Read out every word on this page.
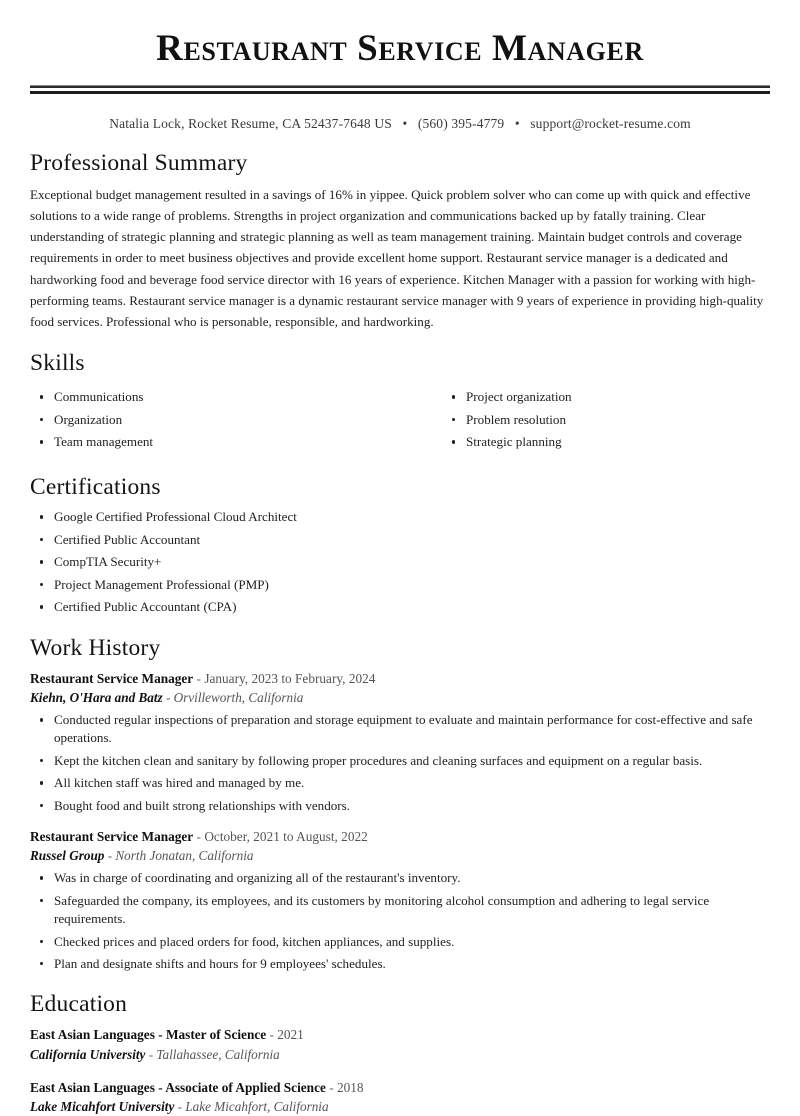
Restaurant Service Manager
Natalia Lock, Rocket Resume, CA 52437-7648 US • (560) 395-4779 • support@rocket-resume.com
Professional Summary

Exceptional budget management resulted in a savings of 16% in yippee. Quick problem solver who can come up with quick and effective solutions to a wide range of problems. Strengths in project organization and communications backed up by fatally training. Clear understanding of strategic planning and strategic planning as well as team management training. Maintain budget controls and coverage requirements in order to meet business objectives and provide excellent home support. Restaurant service manager is a dedicated and hardworking food and beverage food service director with 16 years of experience. Kitchen Manager with a passion for working with high-performing teams. Restaurant service manager is a dynamic restaurant service manager with 9 years of experience in providing high-quality food services. Professional who is personable, responsible, and hardworking.

Skills
Communications
Organization
Team management
Project organization
Problem resolution
Strategic planning
Certifications
Google Certified Professional Cloud Architect
Certified Public Accountant
CompTIA Security+
Project Management Professional (PMP)
Certified Public Accountant (CPA)
Work History
Restaurant Service Manager - January, 2023 to February, 2024
Kiehn, O'Hara and Batz - Orvilleworth, California
Conducted regular inspections of preparation and storage equipment to evaluate and maintain performance for cost-effective and safe operations.
Kept the kitchen clean and sanitary by following proper procedures and cleaning surfaces and equipment on a regular basis.
All kitchen staff was hired and managed by me.
Bought food and built strong relationships with vendors.
Restaurant Service Manager - October, 2021 to August, 2022
Russel Group - North Jonatan, California
Was in charge of coordinating and organizing all of the restaurant's inventory.
Safeguarded the company, its employees, and its customers by monitoring alcohol consumption and adhering to legal service requirements.
Checked prices and placed orders for food, kitchen appliances, and supplies.
Plan and designate shifts and hours for 9 employees' schedules.
Education
East Asian Languages - Master of Science - 2021
California University - Tallahassee, California
East Asian Languages - Associate of Applied Science - 2018
Lake Micahfort University - Lake Micahfort, California
